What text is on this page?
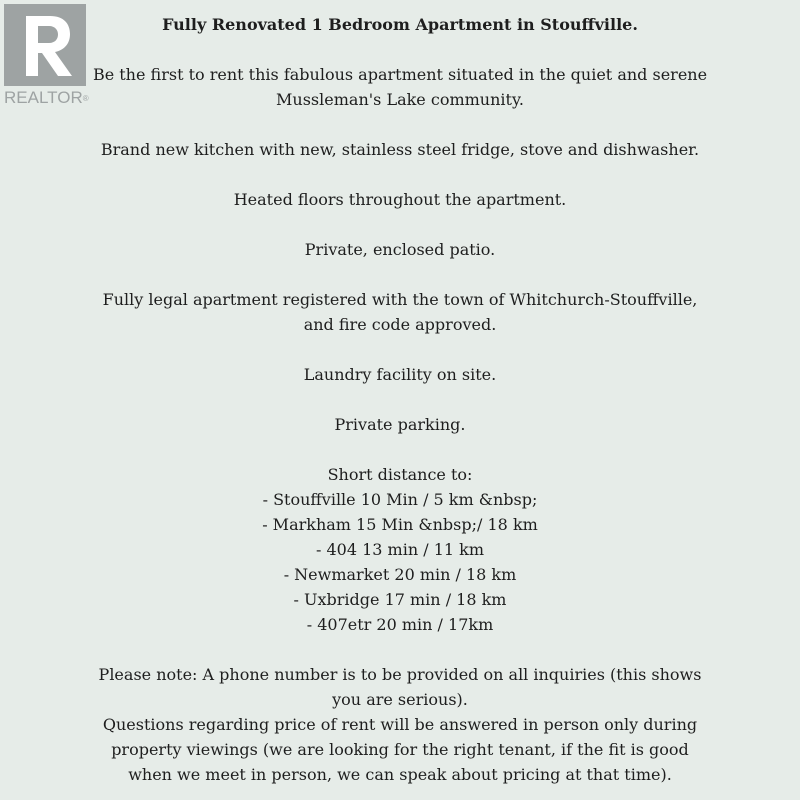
REALTOR®

Fully Renovated 1 Bedroom Apartment in Stouffville.

Be the first to rent this fabulous apartment situated in the quiet and serene Mussleman's Lake community.

Brand new kitchen with new, stainless steel fridge, stove and dishwasher.

Heated floors throughout the apartment.

Private, enclosed patio.

Fully legal apartment registered with the town of Whitchurch-Stouffville, and fire code approved.

Laundry facility on site.

Private parking.

Short distance to:
- Stouffville 10 Min / 5 km &nbsp;
- Markham 15 Min &nbsp;/ 18 km
- 404 13 min / 11 km
- Newmarket 20 min / 18 km
- Uxbridge 17 min / 18 km
- 407etr 20 min / 17km

Please note: A phone number is to be provided on all inquiries (this shows you are serious).

Questions regarding price of rent will be answered in person only during property viewings (we are looking for the right tenant, if the fit is good when we meet in person, we can speak about pricing at that time).
